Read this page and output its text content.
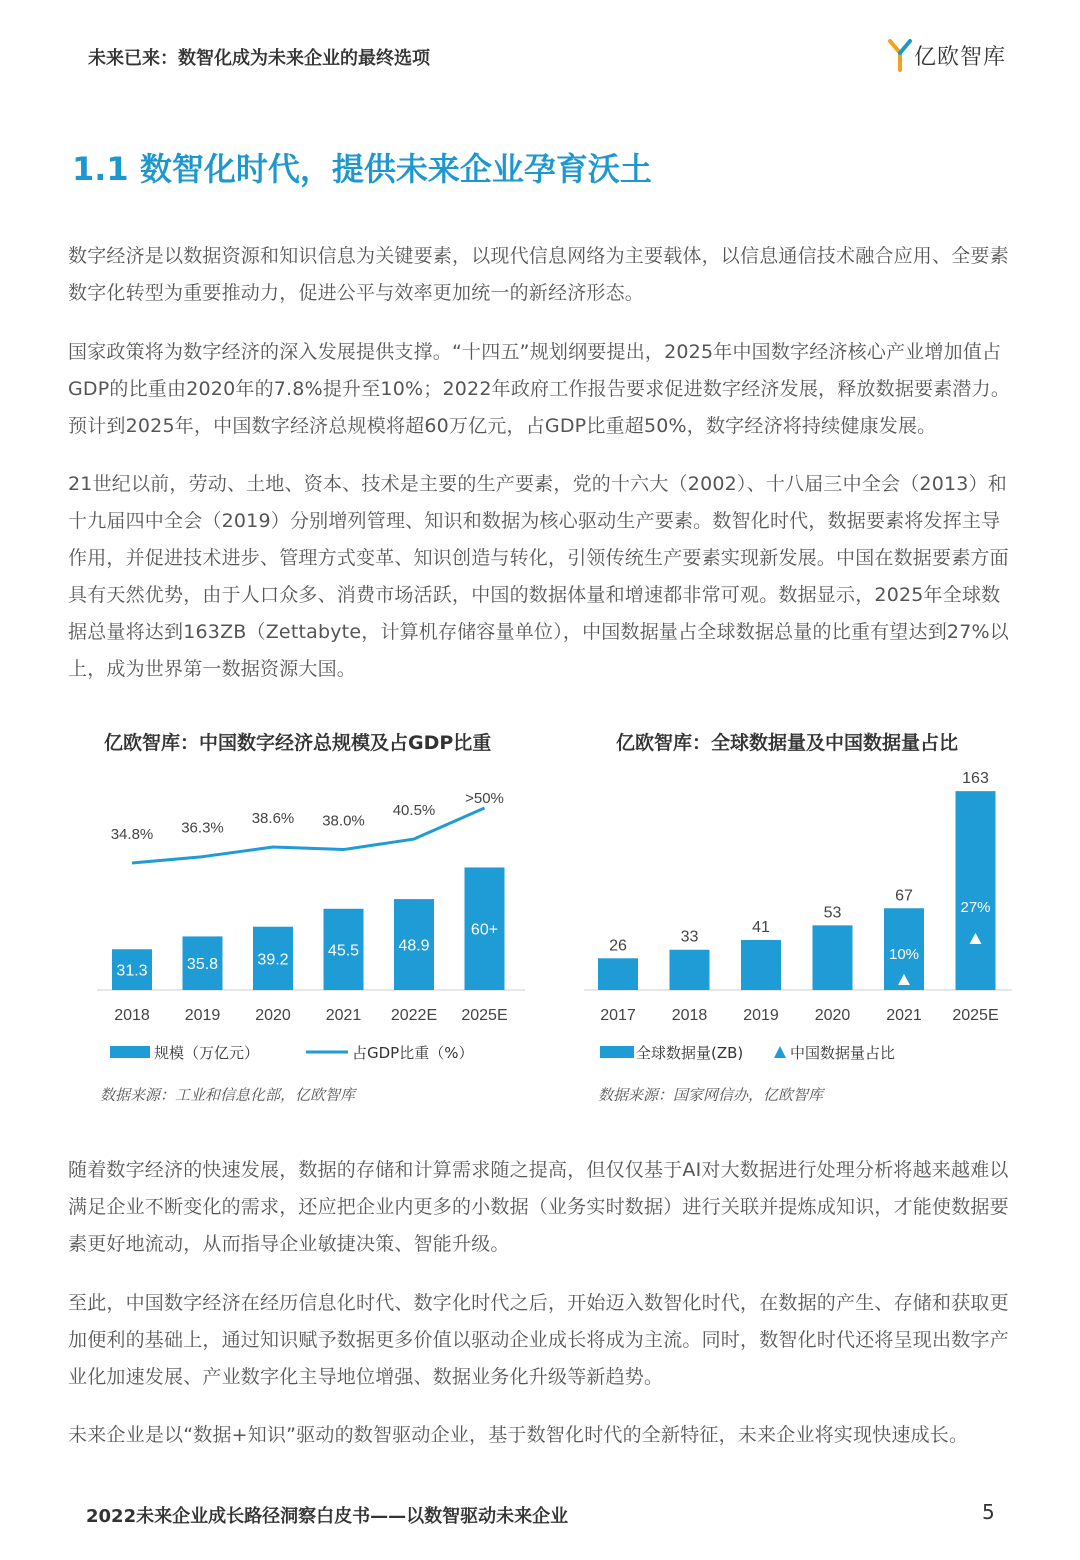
未来已来：数智化成为未来企业的最终选项	亿欧智库
1.1 数智化时代，提供未来企业孕育沃土
数字经济是以数据资源和知识信息为关键要素，以现代信息网络为主要载体，以信息通信技术融合应用、全要素数字化转型为重要推动力，促进公平与效率更加统一的新经济形态。
国家政策将为数字经济的深入发展提供支撑。“十四五”规划纲要提出，2025年中国数字经济核心产业增加值占GDP的比重由2020年的7.8%提升至10%；2022年政府工作报告要求促进数字经济发展，释放数据要素潜力。预计到2025年，中国数字经济总规模将超60万亿元，占GDP比重超50%，数字经济将持续健康发展。
21世纪以前，劳动、土地、资本、技术是主要的生产要素，党的十六大（2002）、十八届三中全会（2013）和十九届四中全会（2019）分别增列管理、知识和数据为核心驱动生产要素。数智化时代，数据要素将发挥主导作用，并促进技术进步、管理方式变革、知识创造与转化，引领传统生产要素实现新发展。中国在数据要素方面具有天然优势，由于人口众多、消费市场活跃，中国的数据体量和增速都非常可观。数据显示，2025年全球数据总量将达到163ZB（Zettabyte，计算机存储容量单位），中国数据量占全球数据总量的比重有望达到27%以上，成为世界第一数据资源大国。
亿欧智库：中国数字经济总规模及占GDP比重
31.3
2018
34.8%
35.8
2019
36.3%
39.2
2020
38.6%
45.5
2021
38.0%
48.9
2022E
40.5%
60+
2025E
>50%
规模（万亿元）	占GDP比重（%）
数据来源：工业和信息化部，亿欧智库
亿欧智库：全球数据量及中国数据量占比
26
2017
33
2018
41
2019
53
2020
67
2021
10%
163
2025E
27%
全球数据量(ZB)	中国数据量占比
数据来源：国家网信办，亿欧智库
随着数字经济的快速发展，数据的存储和计算需求随之提高，但仅仅基于AI对大数据进行处理分析将越来越难以满足企业不断变化的需求，还应把企业内更多的小数据（业务实时数据）进行关联并提炼成知识，才能使数据要素更好地流动，从而指导企业敏捷决策、智能升级。
至此，中国数字经济在经历信息化时代、数字化时代之后，开始迈入数智化时代，在数据的产生、存储和获取更加便利的基础上，通过知识赋予数据更多价值以驱动企业成长将成为主流。同时，数智化时代还将呈现出数字产业化加速发展、产业数字化主导地位增强、数据业务化升级等新趋势。
未来企业是以“数据+知识”驱动的数智驱动企业，基于数智化时代的全新特征，未来企业将实现快速成长。
2022未来企业成长路径洞察白皮书——以数智驱动未来企业	5
